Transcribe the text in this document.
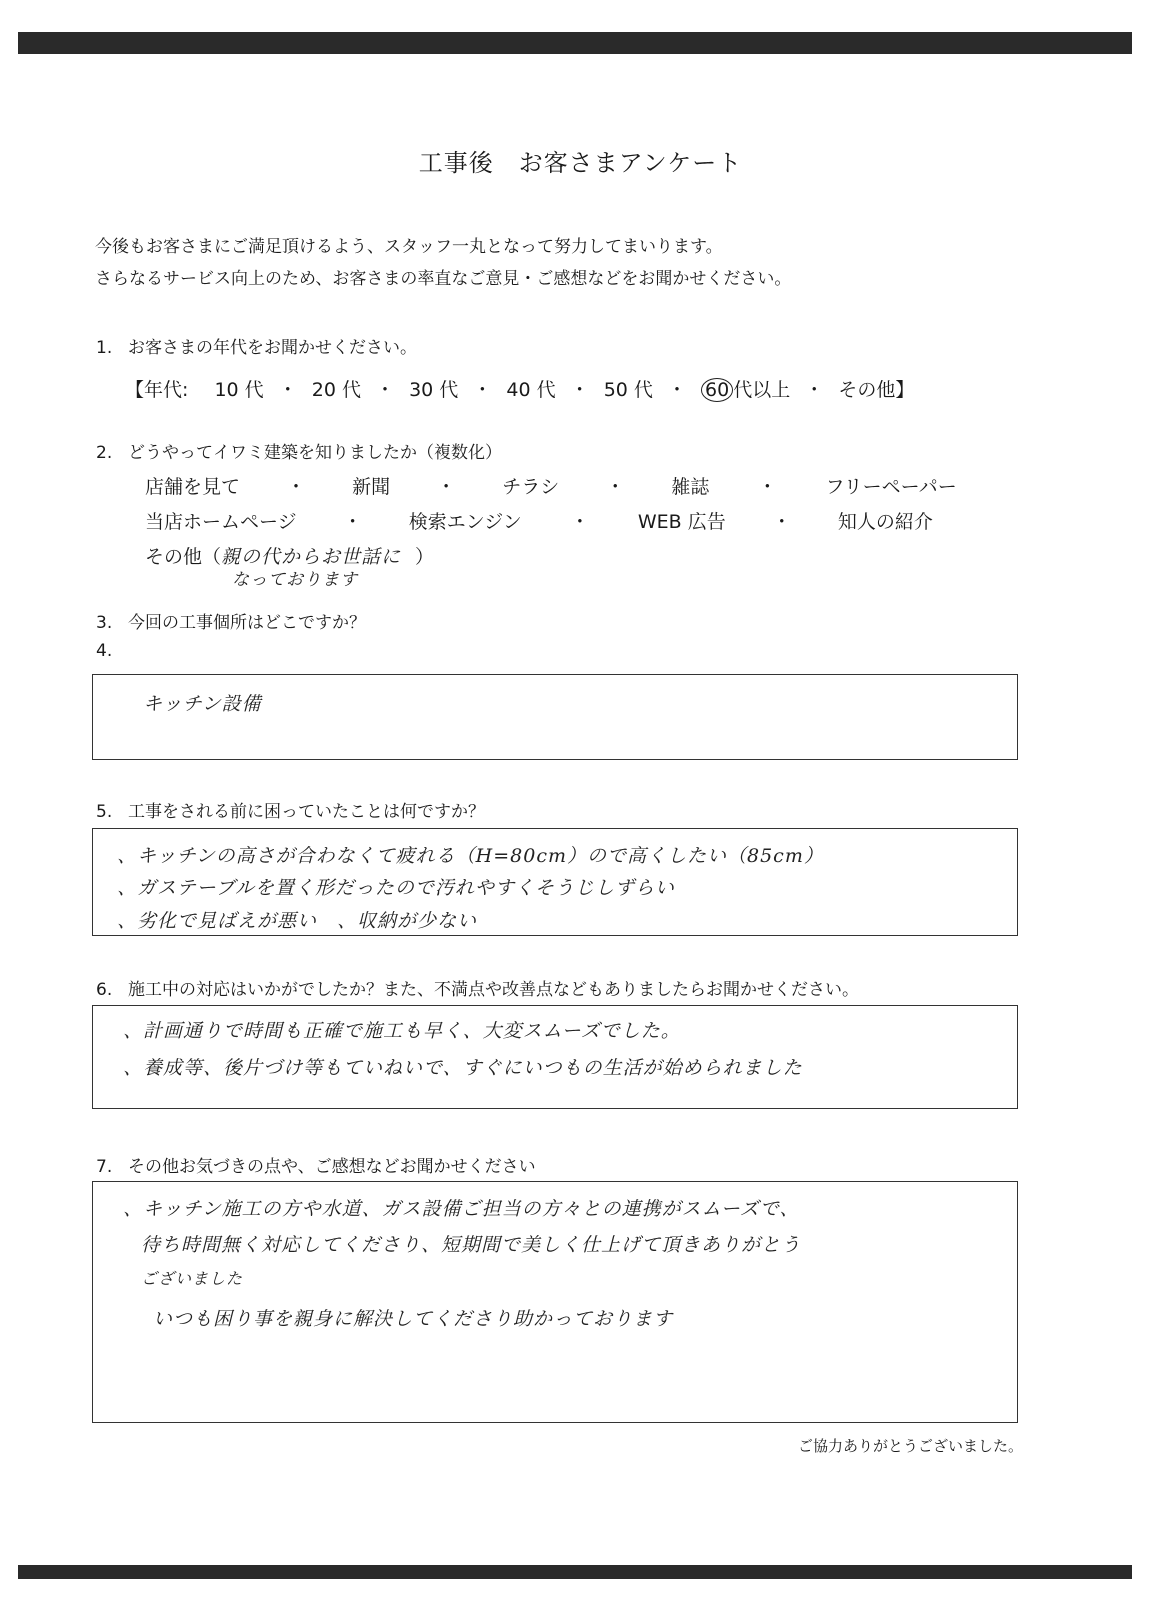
工事後　お客さまアンケート
今後もお客さまにご満足頂けるよう、スタッフ一丸となって努力してまいります。
さらなるサービス向上のため、お客さまの率直なご意見・ご感想などをお聞かせください。
1. お客さまの年代をお聞かせください。
【年代: 10 代 ・ 20 代 ・ 30 代 ・ 40 代 ・ 50 代 ・ 60 代以上 ・ その他】
2. どうやってイワミ建築を知りましたか（複数化）
店舗を見て ・ 新聞 ・ チラシ ・ 雑誌	・	フリーペーパー
当店ホームページ ・ 検索エンジン	・	WEB 広告 ・ 知人の紹介
その他（親の代からお世話に ）
なっております
3. 今回の工事個所はどこですか？
4.
キッチン設備
5. 工事をされる前に困っていたことは何ですか？
、キッチンの高さが合わなくて疲れる（H=80cm）ので高くしたい（85cm）
、ガステーブルを置く形だったので汚れやすくそうじしずらい
、劣化で見ばえが悪い　、収納が少ない
6. 施工中の対応はいかがでしたか？また、不満点や改善点などもありましたらお聞かせください。
、計画通りで時間も正確で施工も早く、大変スムーズでした。
、養成等、後片づけ等もていねいで、すぐにいつもの生活が始められました
7. その他お気づきの点や、ご感想などお聞かせください
、キッチン施工の方や水道、ガス設備ご担当の方々との連携がスムーズで、
待ち時間無く対応してくださり、短期間で美しく仕上げて頂きありがとう
ございました
いつも困り事を親身に解決してくださり助かっております
ご協力ありがとうございました。
